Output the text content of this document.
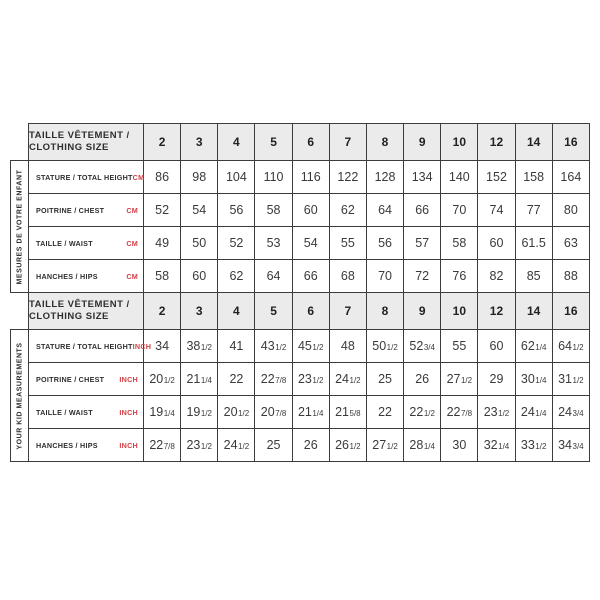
MESURES DE VOTRE ENFANT
YOUR KID MEASUREMENTS
TAILLE VÊTEMENT /
CLOTHING SIZE	2	3	4	5	6	7	8	9	10	12	14	16

STATURE / TOTAL HEIGHT CM	86	98	104	110	116	122	128	134	140	152	158	164

POITRINE / CHEST CM	52	54	56	58	60	62	64	66	70	74	77	80

TAILLE / WAIST CM	49	50	52	53	54	55	56	57	58	60	61.5	63

HANCHES / HIPS CM	58	60	62	64	66	68	70	72	76	82	85	88

TAILLE VÊTEMENT /
CLOTHING SIZE	2	3	4	5	6	7	8	9	10	12	14	16

STATURE / TOTAL HEIGHT INCH	34	381/2	41	431/2	451/2	48	501/2	523/4	55	60	621/4	641/2

POITRINE / CHEST INCH	201/2	211/4	22	227/8	231/2	241/2	25	26	271/2	29	301/4	311/2

TAILLE / WAIST INCH	191/4	191/2	201/2	207/8	211/4	215/8	22	221/2	227/8	231/2	241/4	243/4

HANCHES / HIPS INCH	227/8	231/2	241/2	25	26	261/2	271/2	281/4	30	321/4	331/2	343/4
